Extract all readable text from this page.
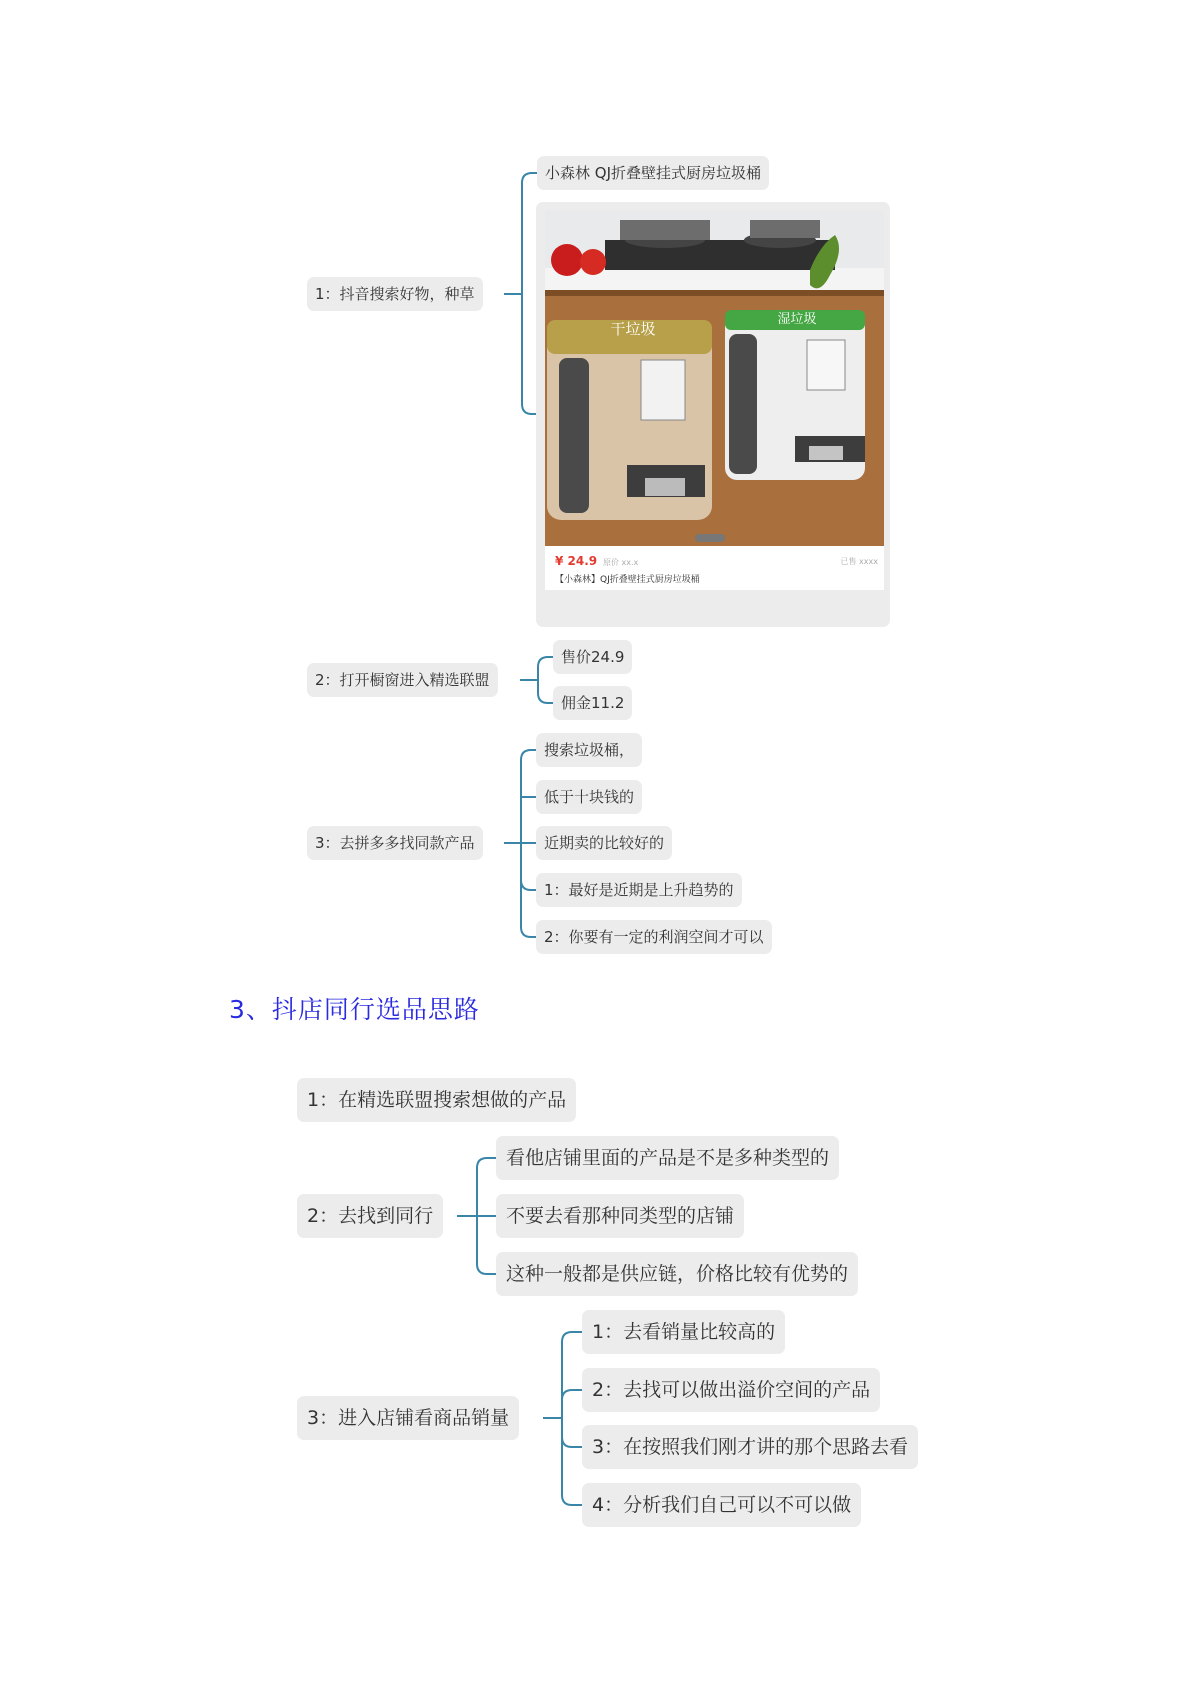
1：抖音搜索好物，种草
小森林 QJ折叠壁挂式厨房垃圾桶
干垃圾
湿垃圾
¥ 24.9 原价 xx.x	已售 xxxx
【小森林】QJ折叠壁挂式厨房垃圾桶
2：打开橱窗进入精选联盟
售价24.9
佣金11.2
3：去拼多多找同款产品
搜索垃圾桶，
低于十块钱的
近期卖的比较好的
1：最好是近期是上升趋势的
2：你要有一定的利润空间才可以
3、抖店同行选品思路
1：在精选联盟搜索想做的产品
2：去找到同行
看他店铺里面的产品是不是多种类型的
不要去看那种同类型的店铺
这种一般都是供应链，价格比较有优势的
3：进入店铺看商品销量
1：去看销量比较高的
2：去找可以做出溢价空间的产品
3：在按照我们刚才讲的那个思路去看
4：分析我们自己可以不可以做
